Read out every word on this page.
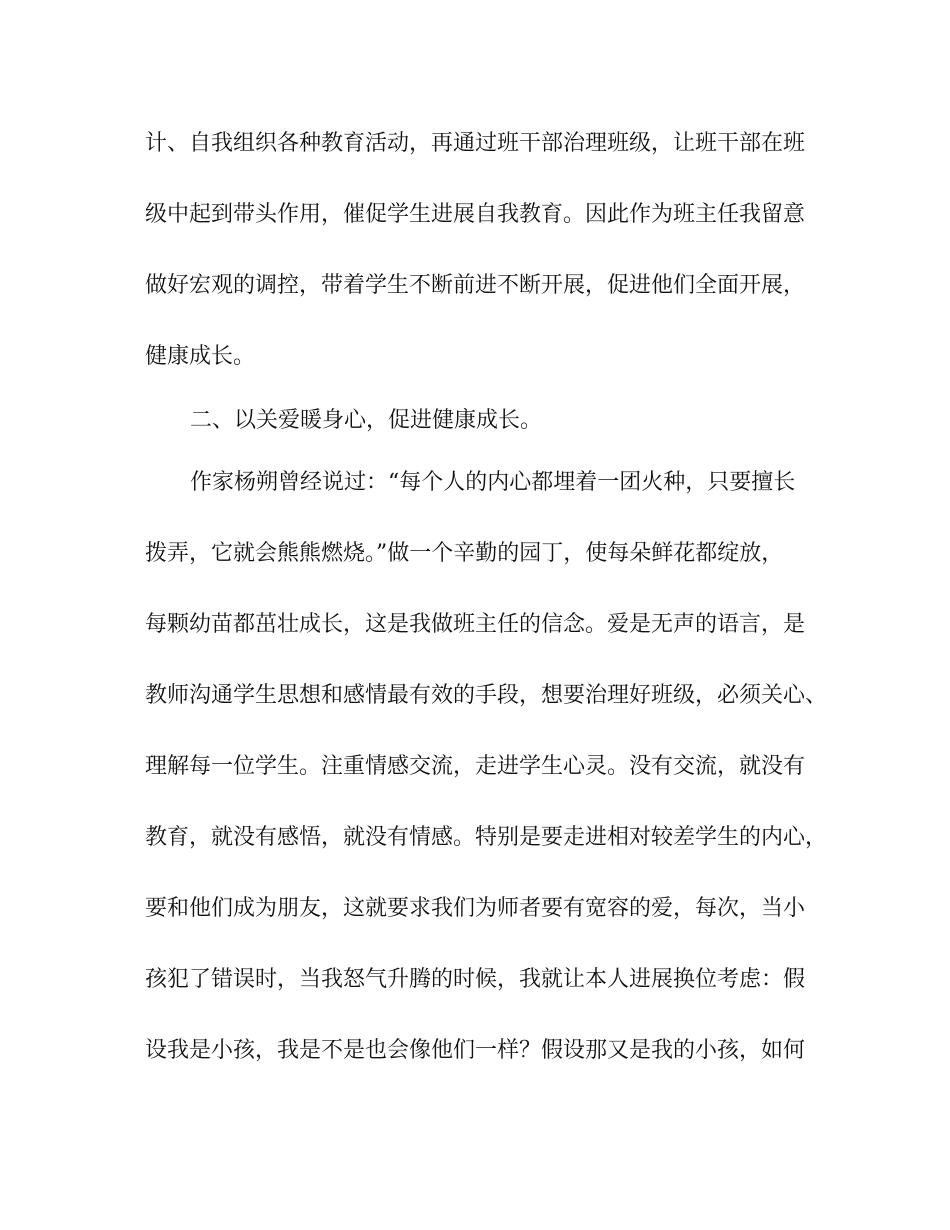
计、自我组织各种教育活动，再通过班干部治理班级，让班干部在班
级中起到带头作用，催促学生进展自我教育。因此作为班主任我留意
做好宏观的调控，带着学生不断前进不断开展，促进他们全面开展，
健康成长。
二、以关爱暖身心，促进健康成长。
作家杨朔曾经说过：“每个人的内心都埋着一团火种，只要擅长
拨弄，它就会熊熊燃烧。”做一个辛勤的园丁，使每朵鲜花都绽放，
每颗幼苗都茁壮成长，这是我做班主任的信念。爱是无声的语言，是
教师沟通学生思想和感情最有效的手段，想要治理好班级，必须关心、
理解每一位学生。注重情感交流，走进学生心灵。没有交流，就没有
教育，就没有感悟，就没有情感。特别是要走进相对较差学生的内心，
要和他们成为朋友，这就要求我们为师者要有宽容的爱，每次，当小
孩犯了错误时，当我怒气升腾的时候，我就让本人进展换位考虑：假
设我是小孩，我是不是也会像他们一样？假设那又是我的小孩，如何
